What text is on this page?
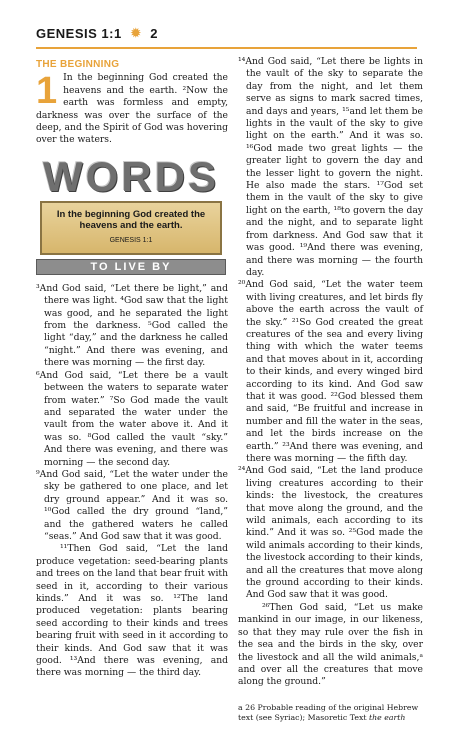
GENESIS 1:1 ✹ 2
THE BEGINNING

1 In the beginning God created the heavens and the earth. ²Now the earth was formless and empty, darkness was over the surface of the deep, and the Spirit of God was hovering over the waters.

WORDS
In the beginning God created the heavens and the earth.
GENESIS 1:1
TO LIVE BY

³And God said, “Let there be light,” and there was light. ⁴God saw that the light was good, and he separated the light from the darkness. ⁵God called the light “day,” and the darkness he called “night.” And there was evening, and there was morning — the first day.

⁶And God said, “Let there be a vault between the waters to separate water from water.” ⁷So God made the vault and separated the water under the vault from the water above it. And it was so. ⁸God called the vault “sky.” And there was evening, and there was morning — the second day.

⁹And God said, “Let the water under the sky be gathered to one place, and let dry ground appear.” And it was so. ¹⁰God called the dry ground “land,” and the gathered waters he called “seas.” And God saw that it was good.

¹¹Then God said, “Let the land produce vegetation: seed-bearing plants and trees on the land that bear fruit with seed in it, according to their various kinds.” And it was so. ¹²The land produced vegetation: plants bearing seed according to their kinds and trees bearing fruit with seed in it according to their kinds. And God saw that it was good. ¹³And there was evening, and there was morning — the third day.

¹⁴And God said, “Let there be lights in the vault of the sky to separate the day from the night, and let them serve as signs to mark sacred times, and days and years, ¹⁵and let them be lights in the vault of the sky to give light on the earth.” And it was so. ¹⁶God made two great lights — the greater light to govern the day and the lesser light to govern the night. He also made the stars. ¹⁷God set them in the vault of the sky to give light on the earth, ¹⁸to govern the day and the night, and to separate light from darkness. And God saw that it was good. ¹⁹And there was evening, and there was morning — the fourth day.

²⁰And God said, “Let the water teem with living creatures, and let birds fly above the earth across the vault of the sky.” ²¹So God created the great creatures of the sea and every living thing with which the water teems and that moves about in it, according to their kinds, and every winged bird according to its kind. And God saw that it was good. ²²God blessed them and said, “Be fruitful and increase in number and fill the water in the seas, and let the birds increase on the earth.” ²³And there was evening, and there was morning — the fifth day.

²⁴And God said, “Let the land produce living creatures according to their kinds: the livestock, the creatures that move along the ground, and the wild animals, each according to its kind.” And it was so. ²⁵God made the wild animals according to their kinds, the livestock according to their kinds, and all the creatures that move along the ground according to their kinds. And God saw that it was good.

²⁶Then God said, “Let us make mankind in our image, in our likeness, so that they may rule over the fish in the sea and the birds in the sky, over the livestock and all the wild animals,ᵃ and over all the creatures that move along the ground.”

a 26 Probable reading of the original Hebrew text (see Syriac); Masoretic Text the earth
